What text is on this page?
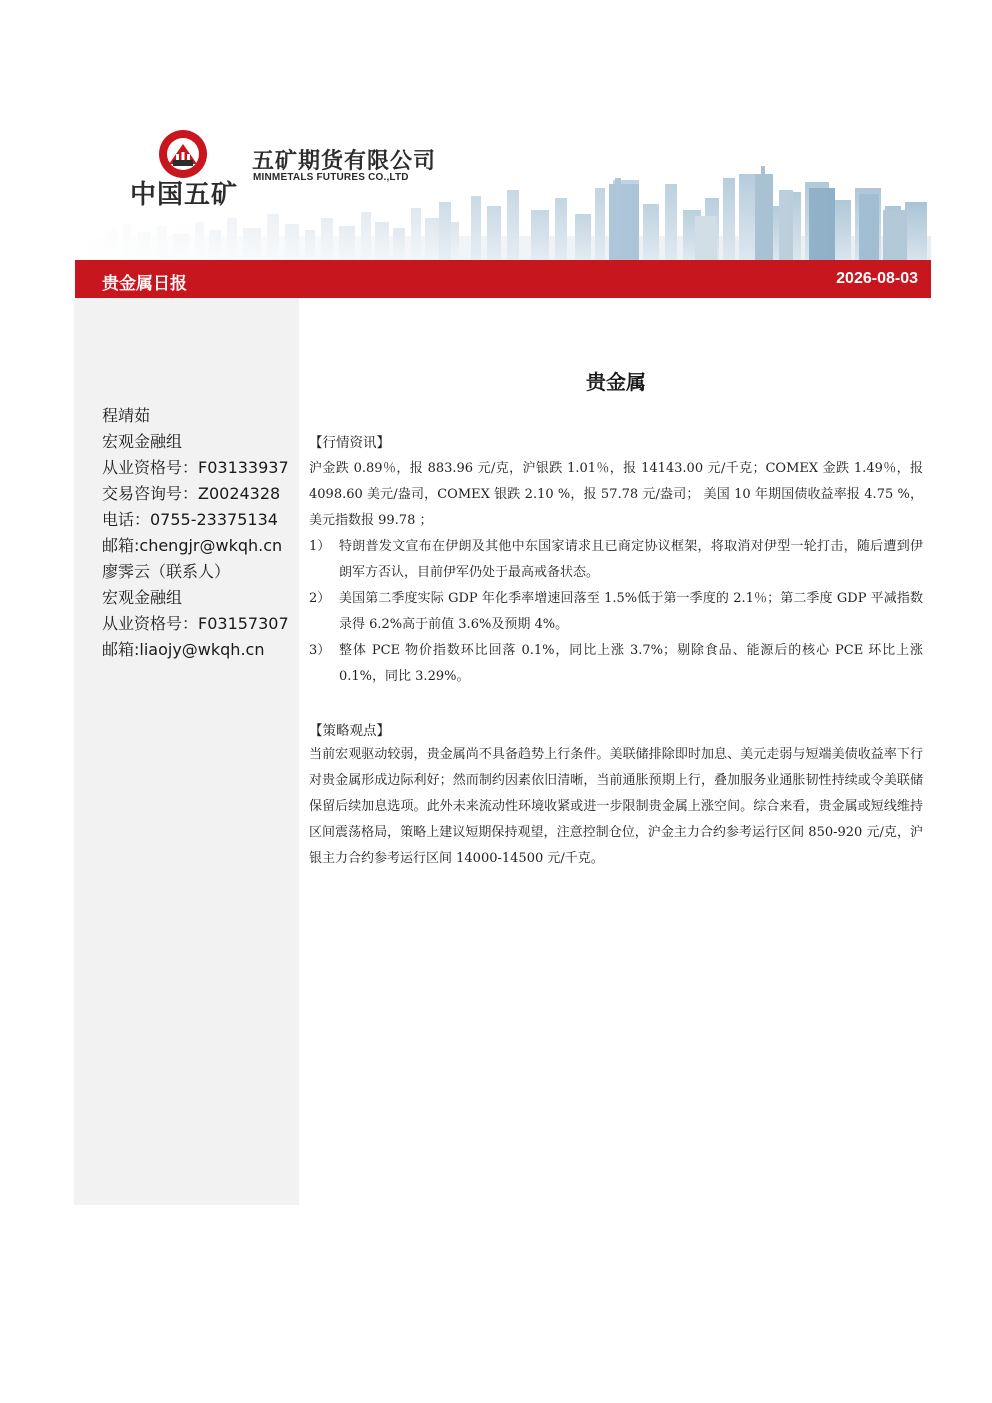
中国五矿
五矿期货有限公司
MINMETALS FUTURES CO.,LTD
贵金属日报	2026-08-03
程靖茹
宏观金融组
从业资格号：F03133937
交易咨询号：Z0024328
电话：0755-23375134
邮箱:chengjr@wkqh.cn
廖霁云（联系人）
宏观金融组
从业资格号：F03157307
邮箱:liaojy@wkqh.cn
贵金属
【行情资讯】
沪金跌 0.89％，报 883.96 元/克，沪银跌 1.01％，报 14143.00 元/千克；COMEX 金跌 1.49％，报 4098.60 美元/盎司，COMEX 银跌 2.10 %，报 57.78 元/盎司； 美国 10 年期国债收益率报 4.75 %，美元指数报 99.78 ；
1） 特朗普发文宣布在伊朗及其他中东国家请求且已商定协议框架，将取消对伊型一轮打击，随后遭到伊朗军方否认，目前伊军仍处于最高戒备状态。
2） 美国第二季度实际 GDP 年化季率增速回落至 1.5%低于第一季度的 2.1％；第二季度 GDP 平减指数录得 6.2%高于前值 3.6%及预期 4%。
3） 整体 PCE 物价指数环比回落 0.1%，同比上涨 3.7%；剔除食品、能源后的核心 PCE 环比上涨 0.1%，同比 3.29%。
【策略观点】
当前宏观驱动较弱，贵金属尚不具备趋势上行条件。美联储排除即时加息、美元走弱与短端美债收益率下行对贵金属形成边际利好；然而制约因素依旧清晰，当前通胀预期上行，叠加服务业通胀韧性持续或令美联储保留后续加息选项。此外未来流动性环境收紧或进一步限制贵金属上涨空间。综合来看，贵金属或短线维持区间震荡格局，策略上建议短期保持观望，注意控制仓位，沪金主力合约参考运行区间 850-920 元/克，沪银主力合约参考运行区间 14000-14500 元/千克。
